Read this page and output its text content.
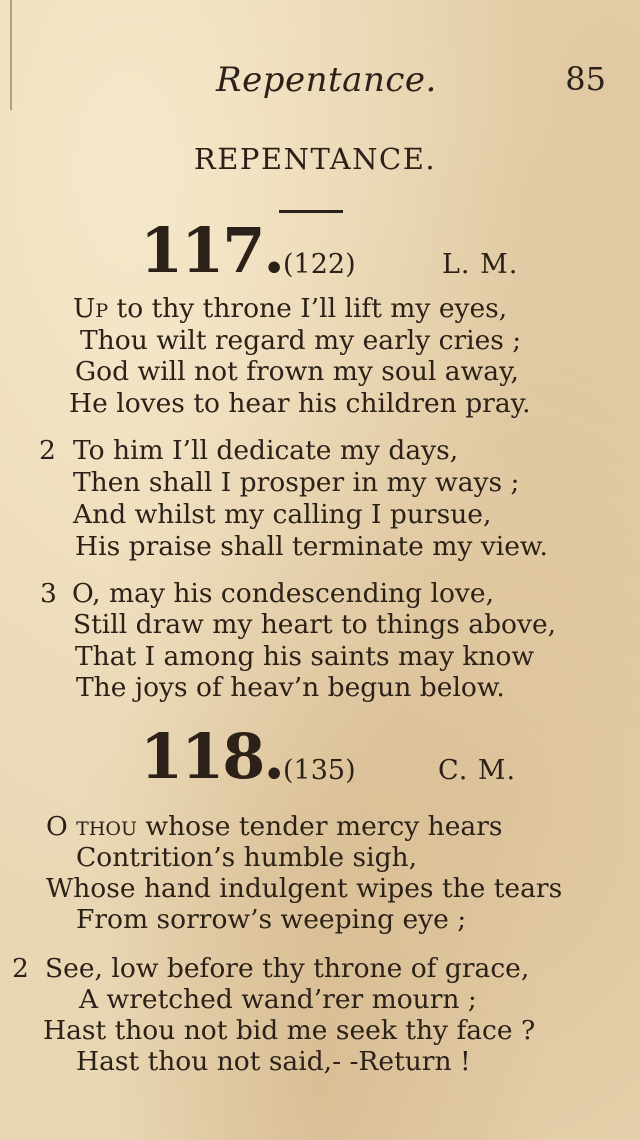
Repentance.	85
REPENTANCE.
117. (122)	L. M.
Up to thy throne I’ll lift my eyes,
Thou wilt regard my early cries ;
God will not frown my soul away,
He loves to hear his children pray.
2 To him I’ll dedicate my days,
Then shall I prosper in my ways ;
And whilst my calling I pursue,
His praise shall terminate my view.
3 O, may his condescending love,
Still draw my heart to things above,
That I among his saints may know
The joys of heav’n begun below.
118. (135)	C. M.
O thou whose tender mercy hears
Contrition’s humble sigh,
Whose hand indulgent wipes the tears
From sorrow’s weeping eye ;
2 See, low before thy throne of grace,
A wretched wand’rer mourn ;
Hast thou not bid me seek thy face ?
Hast thou not said,- -Return !
